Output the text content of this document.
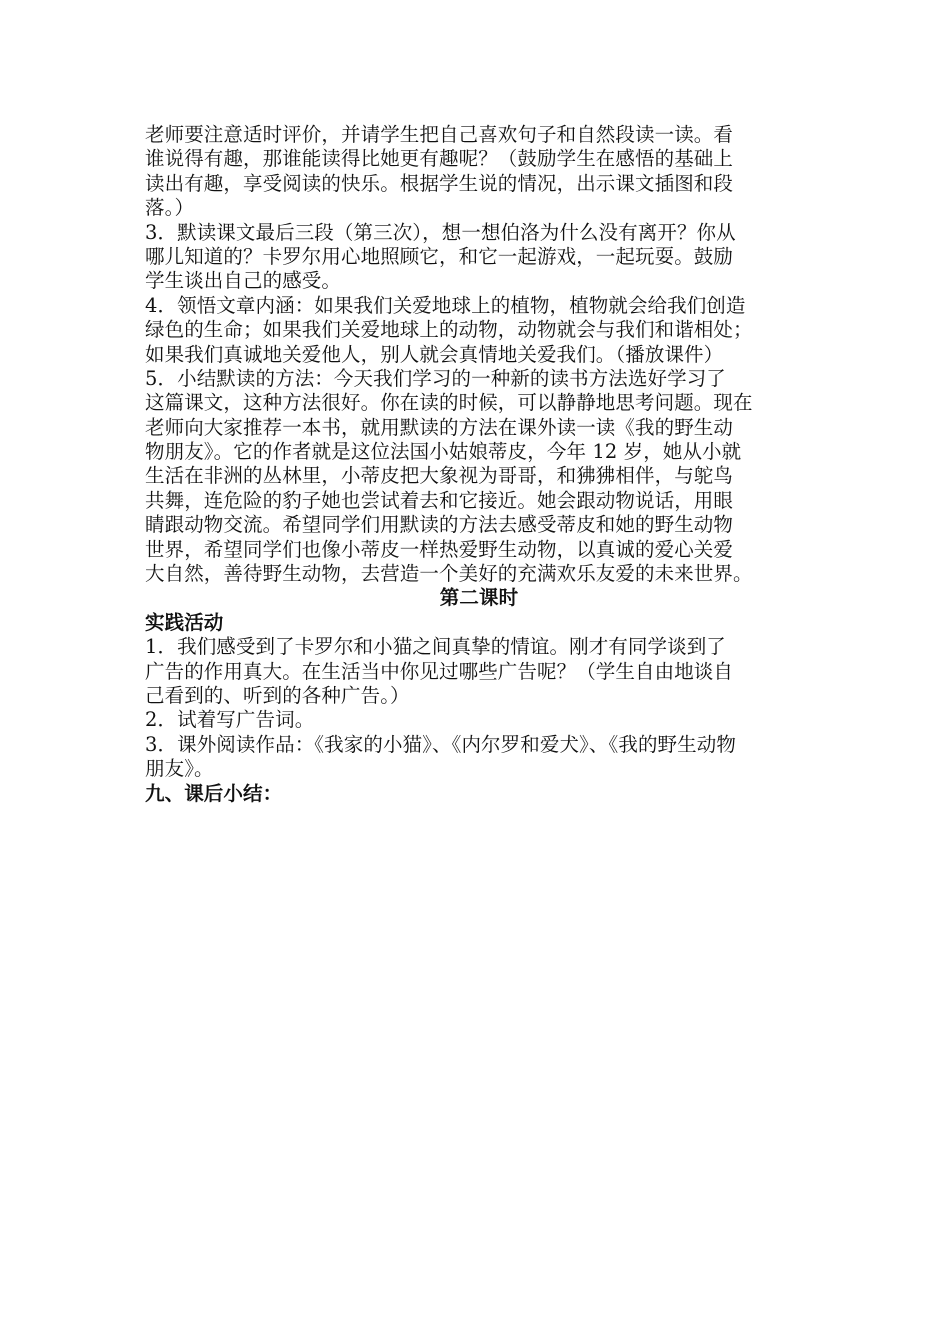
老师要注意适时评价，并请学生把自己喜欢句子和自然段读一读。看
谁说得有趣，那谁能读得比她更有趣呢？（鼓励学生在感悟的基础上
读出有趣，享受阅读的快乐。根据学生说的情况，出示课文插图和段
落。）
3．默读课文最后三段（第三次），想一想伯洛为什么没有离开？你从
哪儿知道的？卡罗尔用心地照顾它，和它一起游戏，一起玩耍。鼓励
学生谈出自己的感受。
4．领悟文章内涵：如果我们关爱地球上的植物，植物就会给我们创造
绿色的生命；如果我们关爱地球上的动物，动物就会与我们和谐相处；
如果我们真诚地关爱他人，别人就会真情地关爱我们。（播放课件）
5．小结默读的方法：今天我们学习的一种新的读书方法选好学习了
这篇课文，这种方法很好。你在读的时候，可以静静地思考问题。现在
老师向大家推荐一本书，就用默读的方法在课外读一读《我的野生动
物朋友》。它的作者就是这位法国小姑娘蒂皮，今年 12 岁，她从小就
生活在非洲的丛林里，小蒂皮把大象视为哥哥，和狒狒相伴，与鸵鸟
共舞，连危险的豹子她也尝试着去和它接近。她会跟动物说话，用眼
睛跟动物交流。希望同学们用默读的方法去感受蒂皮和她的野生动物
世界，希望同学们也像小蒂皮一样热爱野生动物，以真诚的爱心关爱
大自然，善待野生动物，去营造一个美好的充满欢乐友爱的未来世界。
第二课时
实践活动
1．我们感受到了卡罗尔和小猫之间真挚的情谊。刚才有同学谈到了
广告的作用真大。在生活当中你见过哪些广告呢？（学生自由地谈自
己看到的、听到的各种广告。）
2．试着写广告词。
3．课外阅读作品：《我家的小猫》、《内尔罗和爱犬》、《我的野生动物
朋友》。
九、课后小结：
